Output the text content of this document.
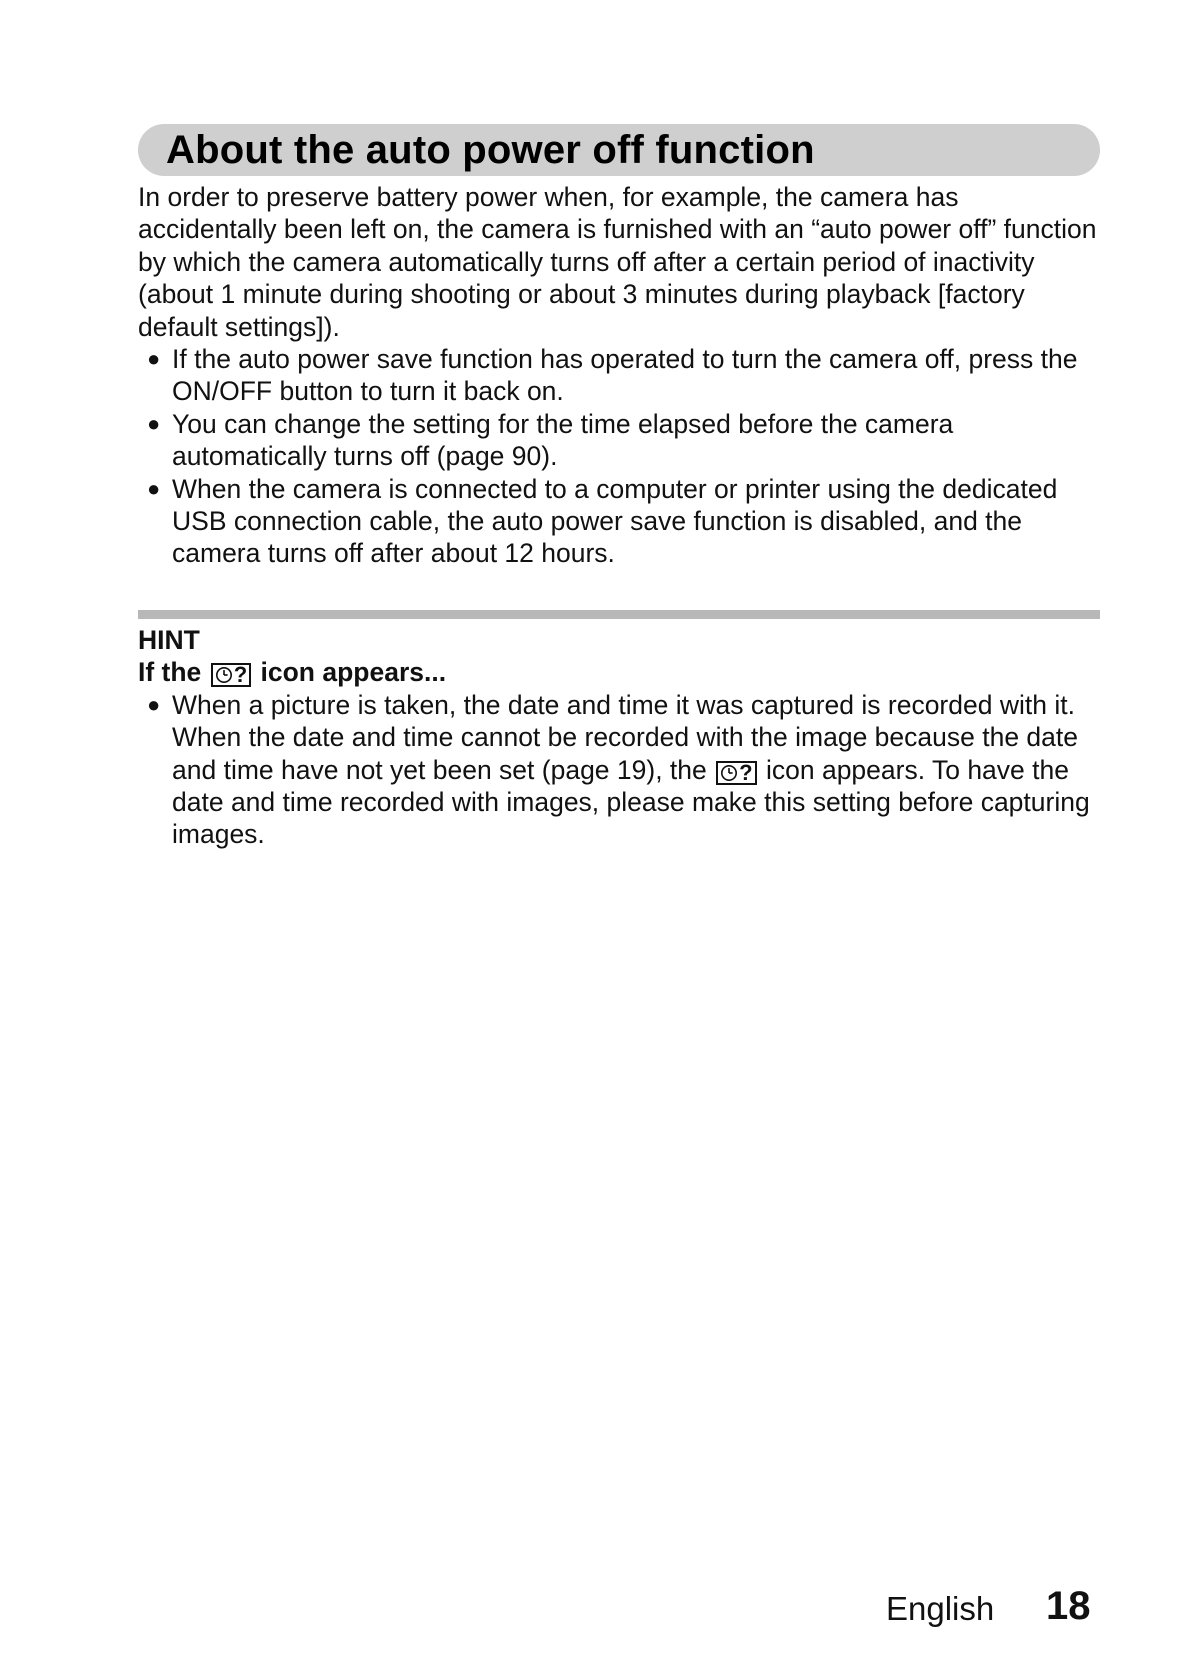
About the auto power off function

In order to preserve battery power when, for example, the camera has accidentally been left on, the camera is furnished with an “auto power off” function by which the camera automatically turns off after a certain period of inactivity (about 1 minute during shooting or about 3 minutes during playback [factory default settings]).

● If the auto power save function has operated to turn the camera off, press the ON/OFF button to turn it back on.
● You can change the setting for the time elapsed before the camera automatically turns off (page 90).
● When the camera is connected to a computer or printer using the dedicated USB connection cable, the auto power save function is disabled, and the camera turns off after about 12 hours.

HINT

If the ? icon appears...

● When a picture is taken, the date and time it was captured is recorded with it. When the date and time cannot be recorded with the image because the date and time have not yet been set (page 19), the ? icon appears. To have the date and time recorded with images, please make this setting before capturing images.
English 18
